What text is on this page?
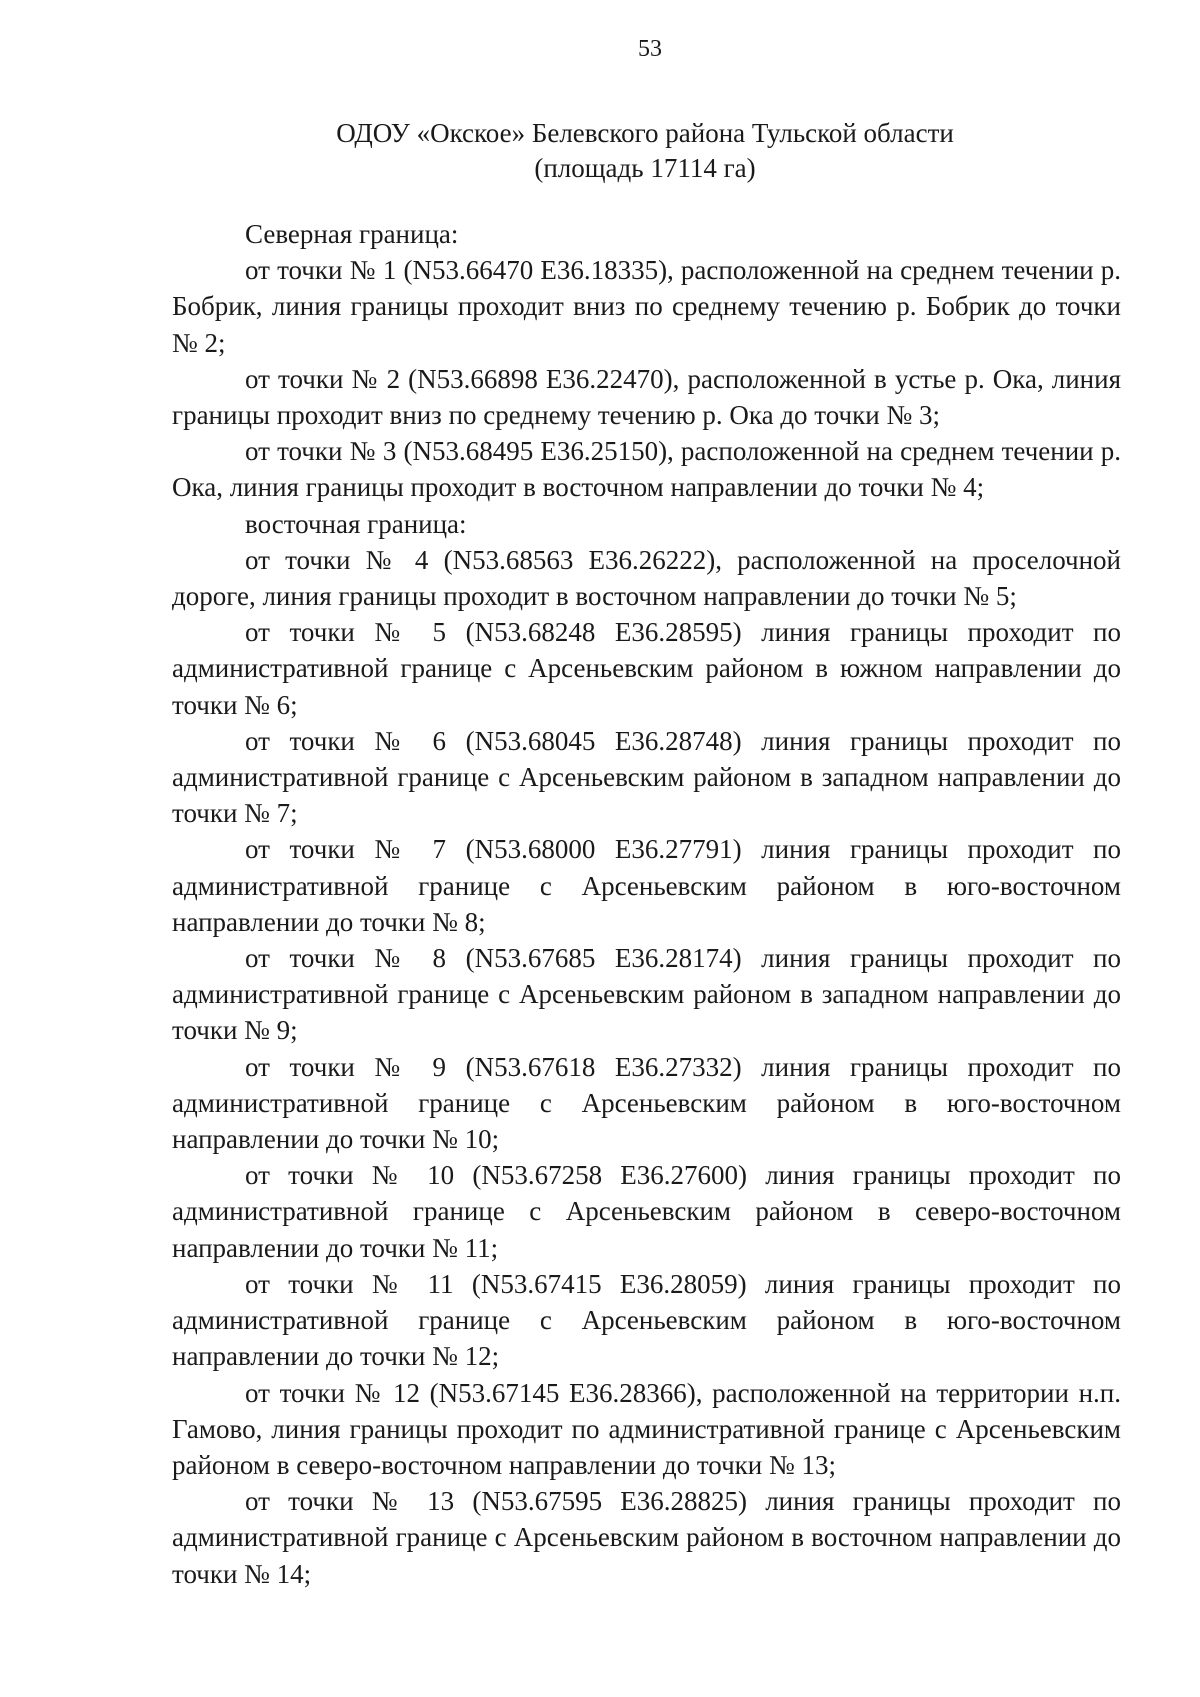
53
ОДОУ «Окское» Белевского района Тульской области
(площадь 17114 га)

Северная граница:

от точки № 1 (N53.66470 E36.18335), расположенной на среднем течении р. Бобрик, линия границы проходит вниз по среднему течению р. Бобрик до точки № 2;

от точки № 2 (N53.66898 E36.22470), расположенной в устье р. Ока, линия границы проходит вниз по среднему течению р. Ока до точки № 3;

от точки № 3 (N53.68495 E36.25150), расположенной на среднем течении р. Ока, линия границы проходит в восточном направлении до точки № 4;

восточная граница:

от точки № 4 (N53.68563 E36.26222), расположенной на проселочной дороге, линия границы проходит в восточном направлении до точки № 5;

от точки № 5 (N53.68248 E36.28595) линия границы проходит по административной границе с Арсеньевским районом в южном направлении до точки № 6;

от точки № 6 (N53.68045 E36.28748) линия границы проходит по административной границе с Арсеньевским районом в западном направлении до точки № 7;

от точки № 7 (N53.68000 E36.27791) линия границы проходит по административной границе с Арсеньевским районом в юго-восточном направлении до точки № 8;

от точки № 8 (N53.67685 E36.28174) линия границы проходит по административной границе с Арсеньевским районом в западном направлении до точки № 9;

от точки № 9 (N53.67618 E36.27332) линия границы проходит по административной границе с Арсеньевским районом в юго-восточном направлении до точки № 10;

от точки № 10 (N53.67258 E36.27600) линия границы проходит по административной границе с Арсеньевским районом в северо-восточном направлении до точки № 11;

от точки № 11 (N53.67415 E36.28059) линия границы проходит по административной границе с Арсеньевским районом в юго-восточном направлении до точки № 12;

от точки № 12 (N53.67145 E36.28366), расположенной на территории н.п. Гамово, линия границы проходит по административной границе с Арсеньевским районом в северо-восточном направлении до точки № 13;

от точки № 13 (N53.67595 E36.28825) линия границы проходит по административной границе с Арсеньевским районом в восточном направлении до точки № 14;
